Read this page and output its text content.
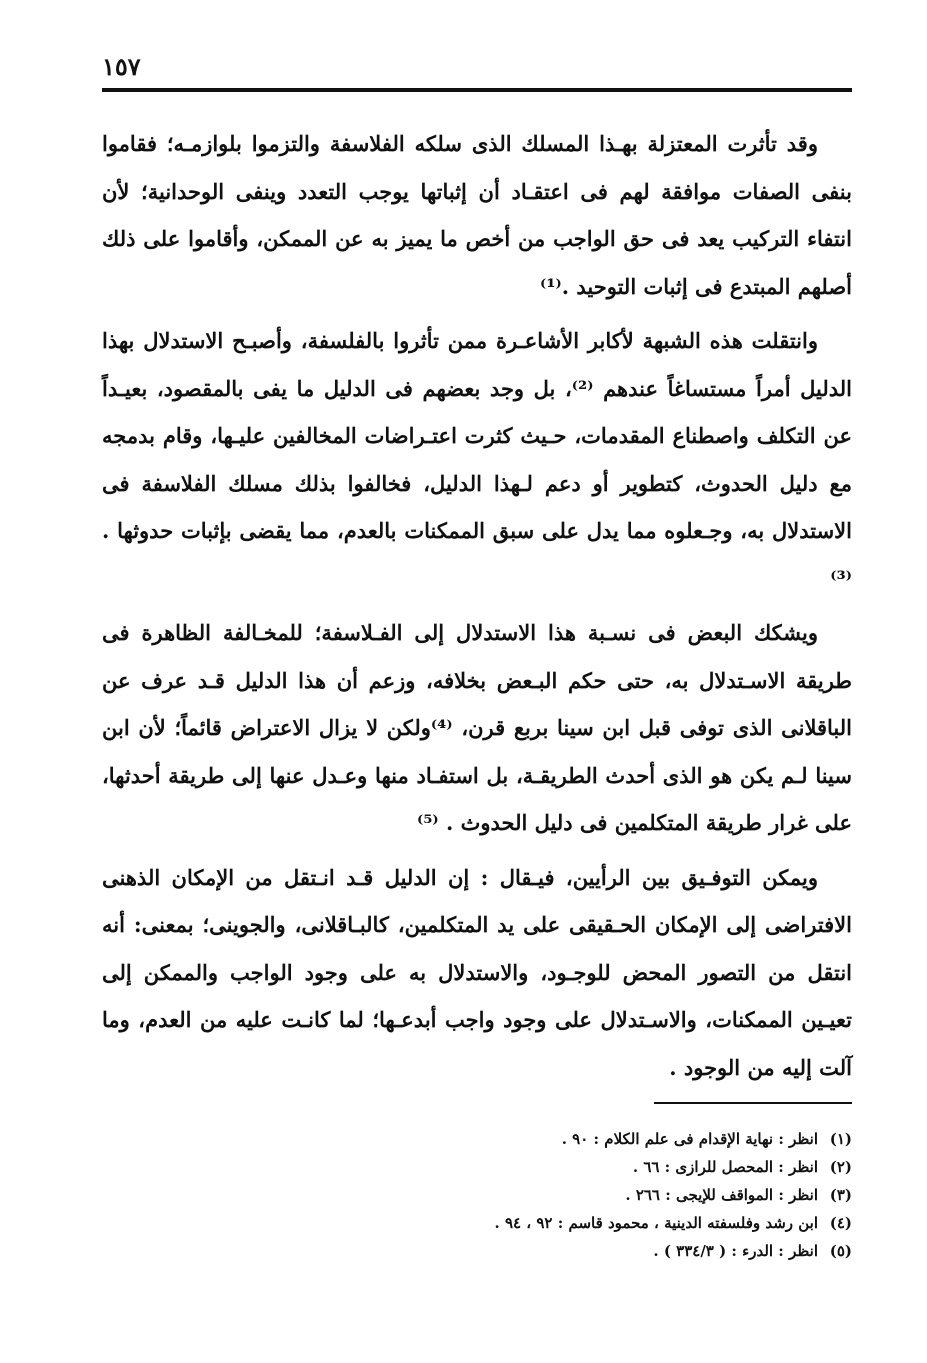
١٥٧

وقد تأثرت المعتزلة بهـذا المسلك الذى سلكه الفلاسفة والتزموا بلوازمـه؛ فقاموا بنفى الصفات موافقة لهم فى اعتقـاد أن إثباتها يوجب التعدد وينفى الوحدانية؛ لأن انتفاء التركيب يعد فى حق الواجب من أخص ما يميز به عن الممكن، وأقاموا على ذلك أصلهم المبتدع فى إثبات التوحيد .⁽¹⁾

وانتقلت هذه الشبهة لأكابر الأشاعـرة ممن تأثروا بالفلسفة، وأصبـح الاستدلال بهذا الدليل أمراً مستساغاً عندهم ⁽²⁾، بل وجد بعضهم فى الدليل ما يفى بالمقصود، بعيـداً عن التكلف واصطناع المقدمات، حـيث كثرت اعتـراضات المخالفين عليـها، وقام بدمجه مع دليل الحدوث، كتطوير أو دعم لـهذا الدليل، فخالفوا بذلك مسلك الفلاسفة فى الاستدلال به، وجـعلوه مما يدل على سبق الممكنات بالعدم، مما يقضى بإثبات حدوثها . ⁽³⁾

ويشكك البعض فى نسـبة هذا الاستدلال إلى الفـلاسفة؛ للمخـالفة الظاهرة فى طريقة الاسـتدلال به، حتى حكم البـعض بخلافه، وزعم أن هذا الدليل قـد عرف عن الباقلانى الذى توفى قبل ابن سينا بربع قرن، ⁽⁴⁾ولكن لا يزال الاعتراض قائماً؛ لأن ابن سينا لـم يكن هو الذى أحدث الطريقـة، بل استفـاد منها وعـدل عنها إلى طريقة أحدثها، على غرار طريقة المتكلمين فى دليل الحدوث . ⁽⁵⁾

ويمكن التوفـيق بين الرأيين، فيـقال : إن الدليل قـد انـتقل من الإمكان الذهنى الافتراضى إلى الإمكان الحـقيقى على يد المتكلمين، كالبـاقلانى، والجوينى؛ بمعنى: أنه انتقل من التصور المحض للوجـود، والاستدلال به على وجود الواجب والممكن إلى تعيـين الممكنات، والاسـتدلال على وجود واجب أبدعـها؛ لما كانـت عليه من العدم، وما آلت إليه من الوجود .

(١)انظر : نهاية الإقدام فى علم الكلام : ٩٠ .
(٢)انظر : المحصل للرازى : ٦٦ .
(٣)انظر : المواقف للإيجى : ٢٦٦ .
(٤)ابن رشد وفلسفته الدينية ، محمود قاسم : ٩٢ ، ٩٤ .
(٥)انظر : الدرء : ( ٣٣٤/٣ ) .
